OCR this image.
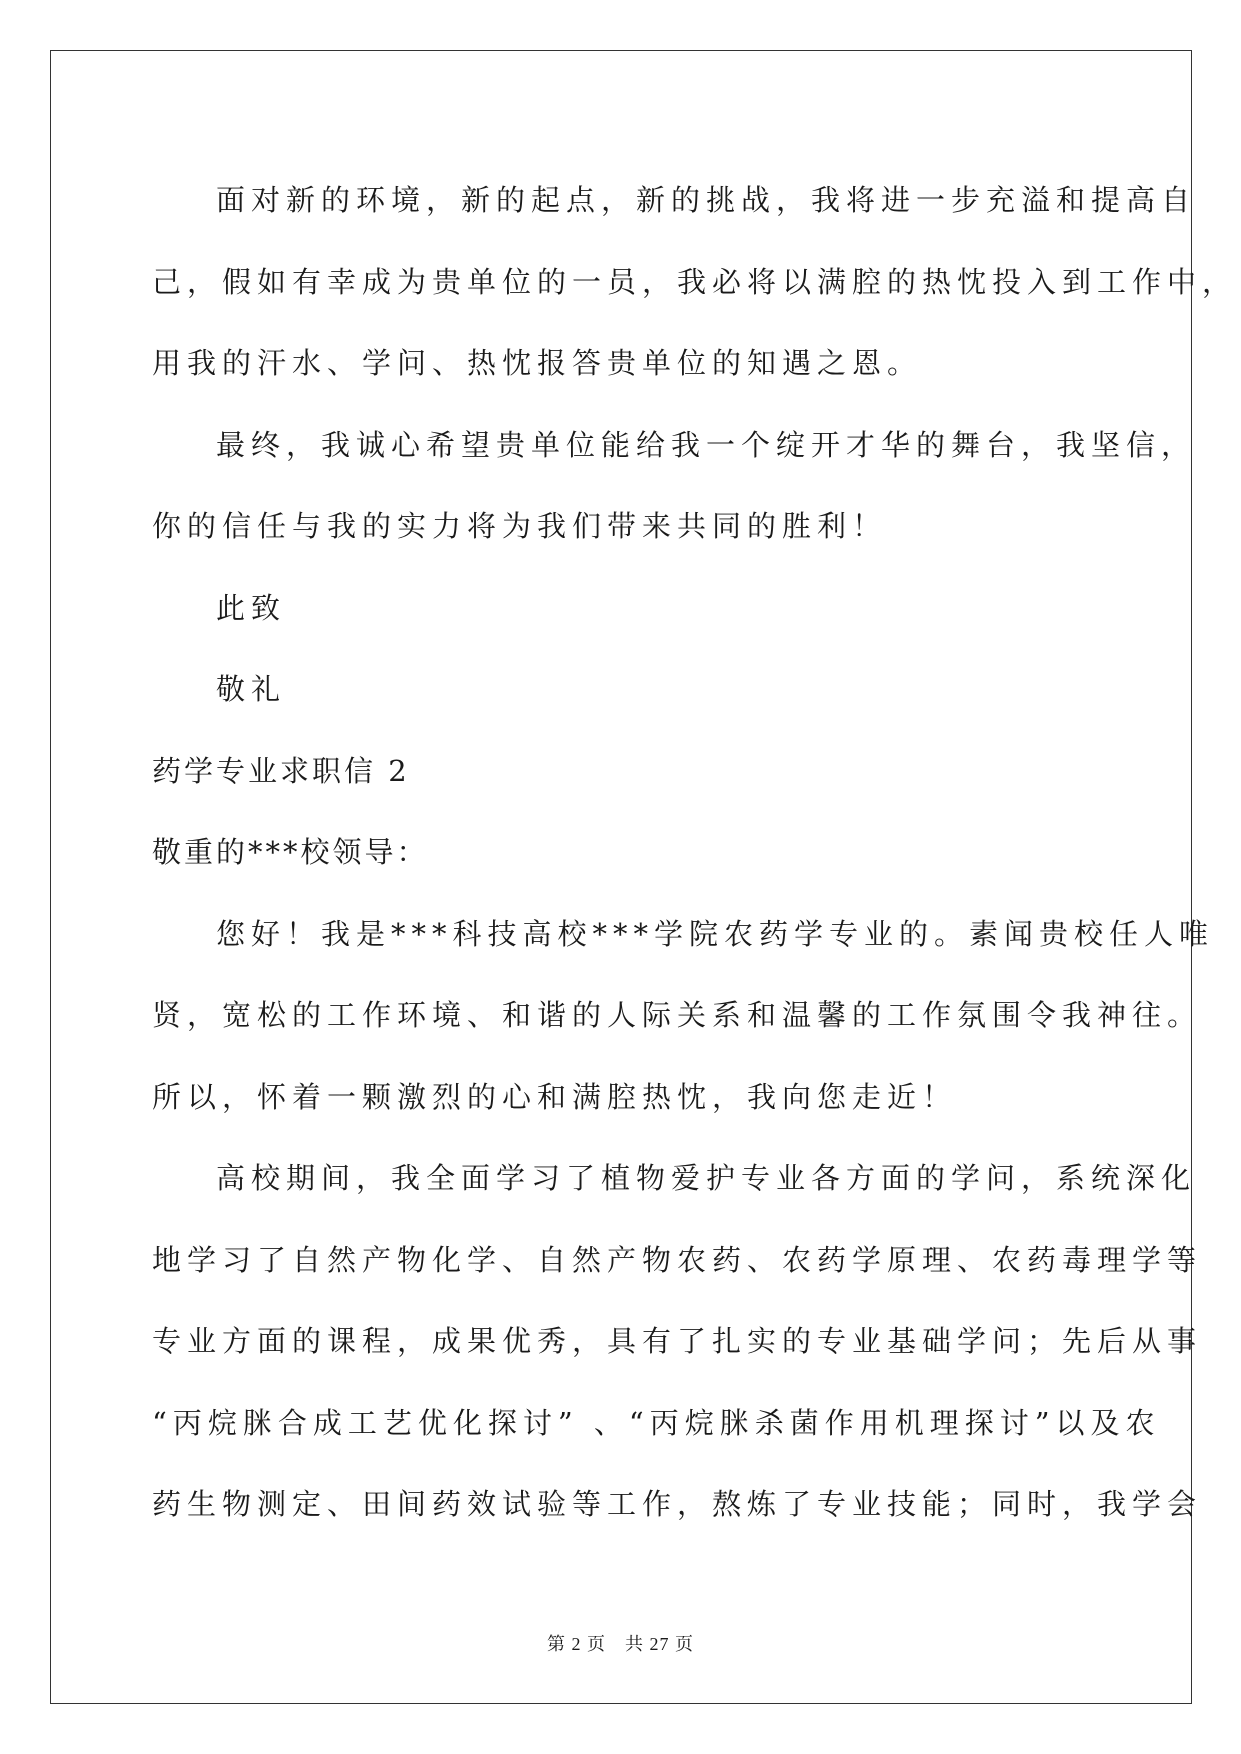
面对新的环境，新的起点，新的挑战，我将进一步充溢和提高自
己，假如有幸成为贵单位的一员，我必将以满腔的热忱投入到工作中，
用我的汗水、学问、热忱报答贵单位的知遇之恩。
最终，我诚心希望贵单位能给我一个绽开才华的舞台，我坚信，
你的信任与我的实力将为我们带来共同的胜利！
此致
敬礼
药学专业求职信 2
敬重的***校领导：
您好！我是***科技高校***学院农药学专业的。素闻贵校任人唯
贤，宽松的工作环境、和谐的人际关系和温馨的工作氛围令我神往。
所以，怀着一颗激烈的心和满腔热忱，我向您走近！
高校期间，我全面学习了植物爱护专业各方面的学问，系统深化
地学习了自然产物化学、自然产物农药、农药学原理、农药毒理学等
专业方面的课程，成果优秀，具有了扎实的专业基础学问；先后从事
“丙烷脒合成工艺优化探讨” 、“丙烷脒杀菌作用机理探讨”以及农
药生物测定、田间药效试验等工作，熬炼了专业技能；同时，我学会
第 2 页　共 27 页
